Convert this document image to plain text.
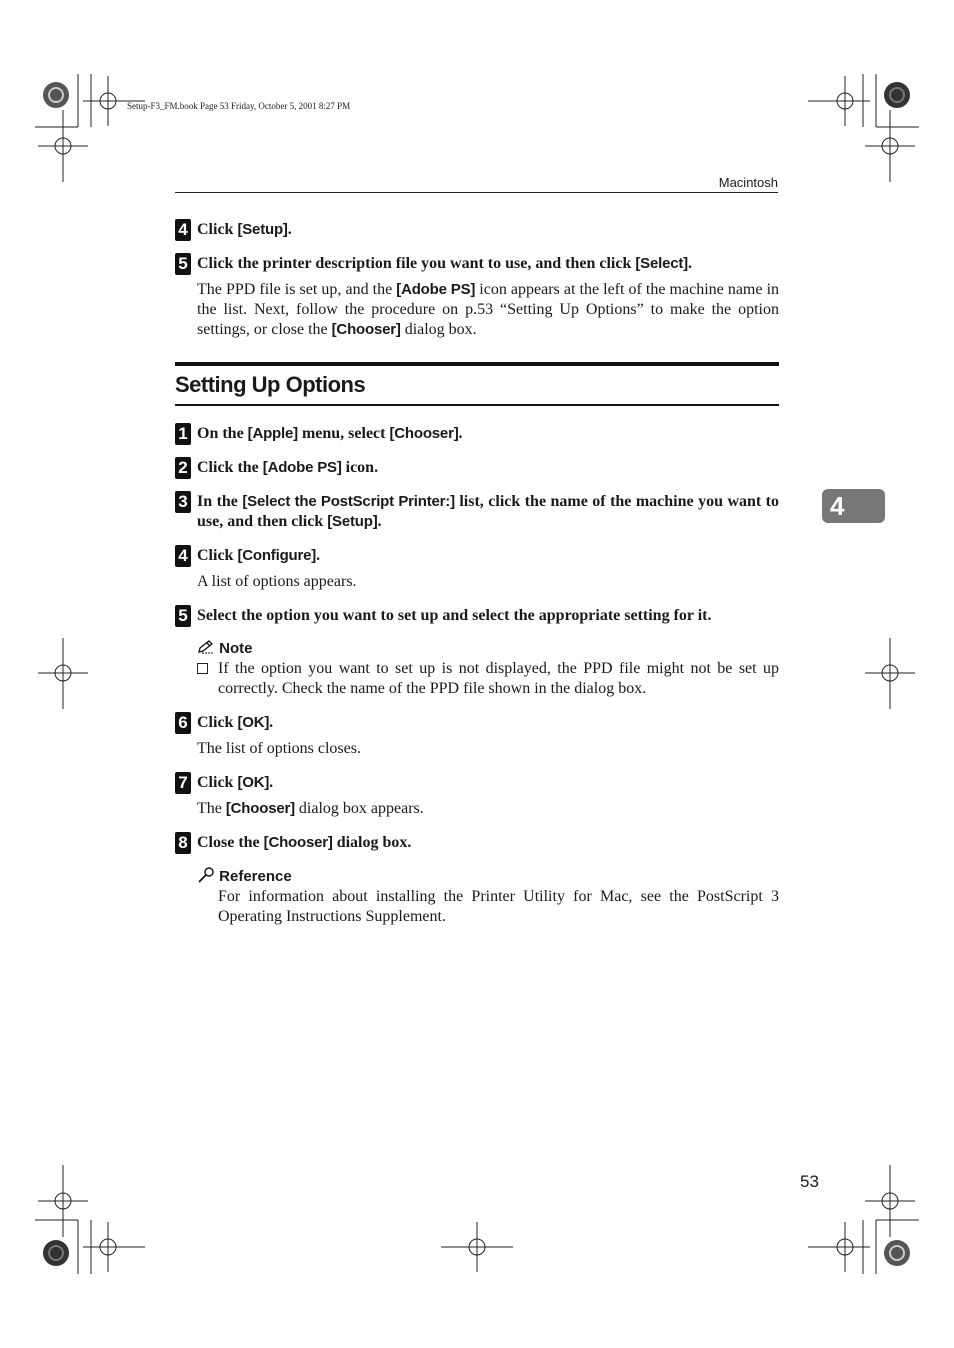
Setup-F3_FM.book Page 53 Friday, October 5, 2001 8:27 PM
Macintosh
4

4 Click [Setup].

5 Click the printer description file you want to use, and then click [Select].

The PPD file is set up, and the [Adobe PS] icon appears at the left of the machine name in the list. Next, follow the procedure on p.53 “Setting Up Options” to make the option settings, or close the [Chooser] dialog box.

Setting Up Options

1 On the [Apple] menu, select [Chooser].

2 Click the [Adobe PS] icon.

3 In the [Select the PostScript Printer:] list, click the name of the machine you want to use, and then click [Setup].

4 Click [Configure].

A list of options appears.

5 Select the option you want to set up and select the appropriate setting for it.

Note
If the option you want to set up is not displayed, the PPD file might not be set up correctly. Check the name of the PPD file shown in the dialog box.

6 Click [OK].

The list of options closes.

7 Click [OK].

The [Chooser] dialog box appears.

8 Close the [Chooser] dialog box.

Reference

For information about installing the Printer Utility for Mac, see the PostScript 3 Operating Instructions Supplement.

53
